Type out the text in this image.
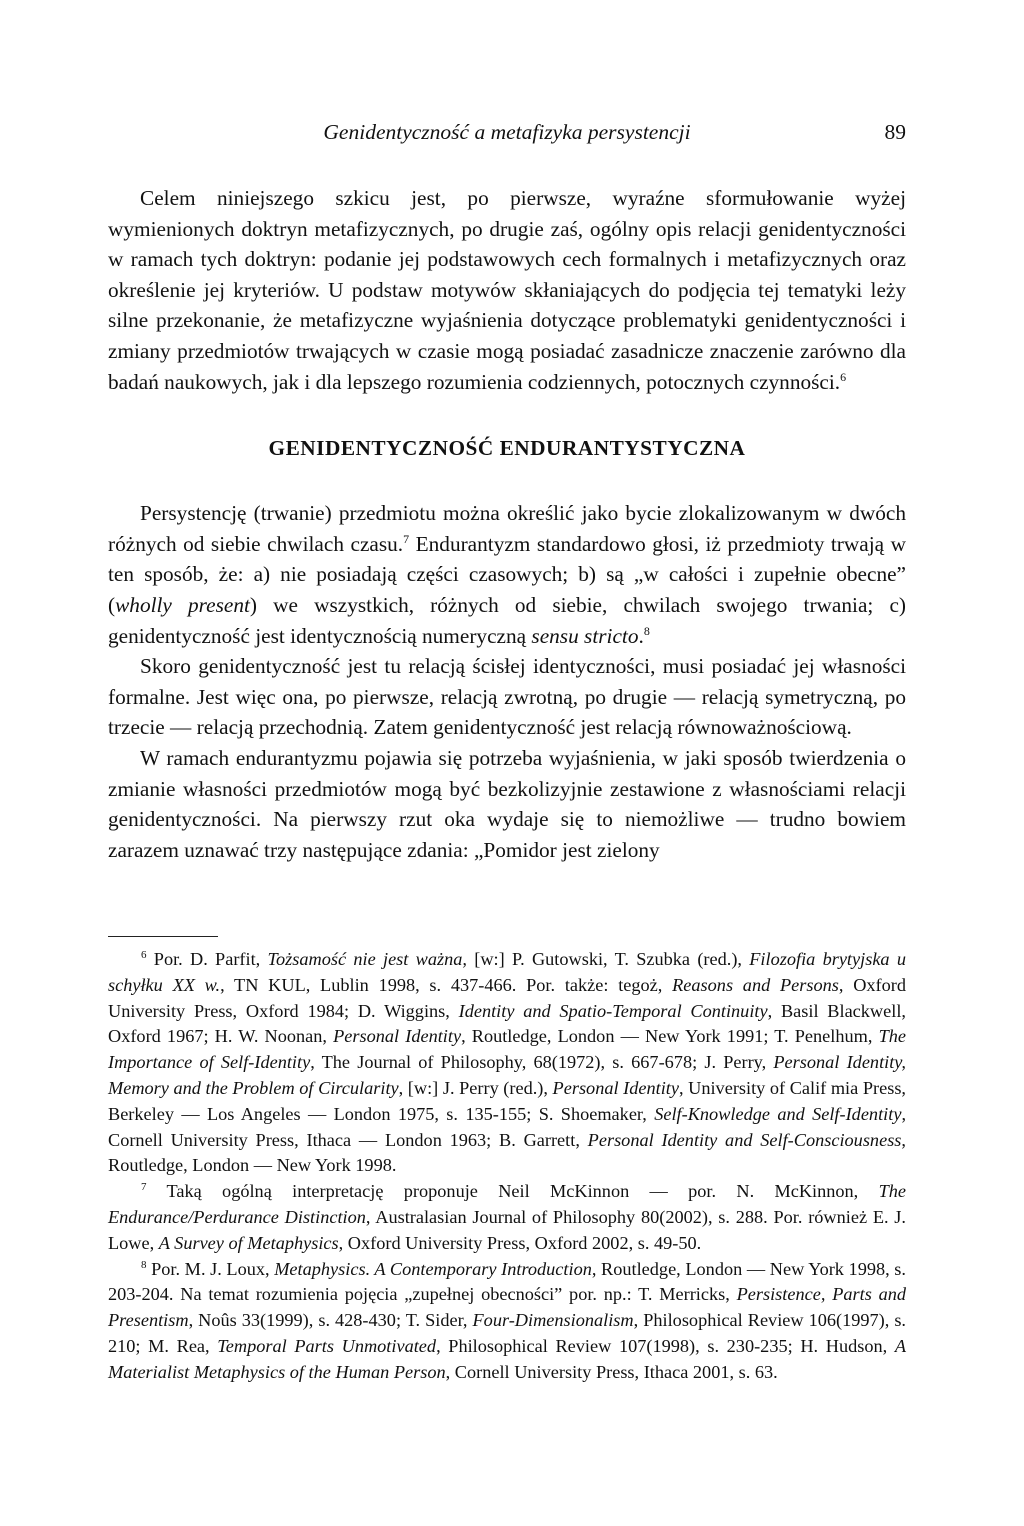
Genidentyczność a metafizyka persystencji	89

Celem niniejszego szkicu jest, po pierwsze, wyraźne sformułowanie wyżej wymienionych doktryn metafizycznych, po drugie zaś, ogólny opis relacji genidentyczności w ramach tych doktryn: podanie jej podstawowych cech formalnych i metafizycznych oraz określenie jej kryteriów. U podstaw motywów skłaniających do podjęcia tej tematyki leży silne przekonanie, że metafizyczne wyjaśnienia dotyczące problematyki genidentyczności i zmiany przedmiotów trwających w czasie mogą posiadać zasadnicze znaczenie zarówno dla badań naukowych, jak i dla lepszego rozumienia codziennych, potocznych czynności.$^6$

GENIDENTYCZNOŚĆ ENDURANTYSTYCZNA

Persystencję (trwanie) przedmiotu można określić jako bycie zlokalizowanym w dwóch różnych od siebie chwilach czasu.$^7$ Endurantyzm standardowo głosi, iż przedmioty trwają w ten sposób, że: a) nie posiadają części czasowych; b) są „w całości i zupełnie obecne” (wholly present) we wszystkich, różnych od siebie, chwilach swojego trwania; c) genidentyczność jest identycznością numeryczną sensu stricto.$^8$

Skoro genidentyczność jest tu relacją ścisłej identyczności, musi posiadać jej własności formalne. Jest więc ona, po pierwsze, relacją zwrotną, po drugie — relacją symetryczną, po trzecie — relacją przechodnią. Zatem genidentyczność jest relacją równoważnościową.

W ramach endurantyzmu pojawia się potrzeba wyjaśnienia, w jaki sposób twierdzenia o zmianie własności przedmiotów mogą być bezkolizyjnie zestawione z własnościami relacji genidentyczności. Na pierwszy rzut oka wydaje się to niemożliwe — trudno bowiem zarazem uznawać trzy następujące zdania: „Pomidor jest zielony

$^6$ Por. D. Parfit, Tożsamość nie jest ważna, [w:] P. Gutowski, T. Szubka (red.), Filozofia brytyjska u schyłku XX w., TN KUL, Lublin 1998, s. 437-466. Por. także: tegoż, Reasons and Persons, Oxford University Press, Oxford 1984; D. Wiggins, Identity and Spatio-Temporal Continuity, Basil Blackwell, Oxford 1967; H. W. Noonan, Personal Identity, Routledge, London — New York 1991; T. Penelhum, The Importance of Self-Identity, The Journal of Philosophy, 68(1972), s. 667-678; J. Perry, Personal Identity, Memory and the Problem of Circularity, [w:] J. Perry (red.), Personal Identity, University of Calif mia Press, Berkeley — Los Angeles — London 1975, s. 135-155; S. Shoemaker, Self-Knowledge and Self-Identity, Cornell University Press, Ithaca — London 1963; B. Garrett, Personal Identity and Self-Consciousness, Routledge, London — New York 1998.

$^7$ Taką ogólną interpretację proponuje Neil McKinnon — por. N. McKinnon, The Endurance/Perdurance Distinction, Australasian Journal of Philosophy 80(2002), s. 288. Por. również E. J. Lowe, A Survey of Metaphysics, Oxford University Press, Oxford 2002, s. 49-50.

$^8$ Por. M. J. Loux, Metaphysics. A Contemporary Introduction, Routledge, London — New York 1998, s. 203-204. Na temat rozumienia pojęcia „zupełnej obecności” por. np.: T. Merricks, Persistence, Parts and Presentism, Noûs 33(1999), s. 428-430; T. Sider, Four-Dimensionalism, Philosophical Review 106(1997), s. 210; M. Rea, Temporal Parts Unmotivated, Philosophical Review 107(1998), s. 230-235; H. Hudson, A Materialist Metaphysics of the Human Person, Cornell University Press, Ithaca 2001, s. 63.
